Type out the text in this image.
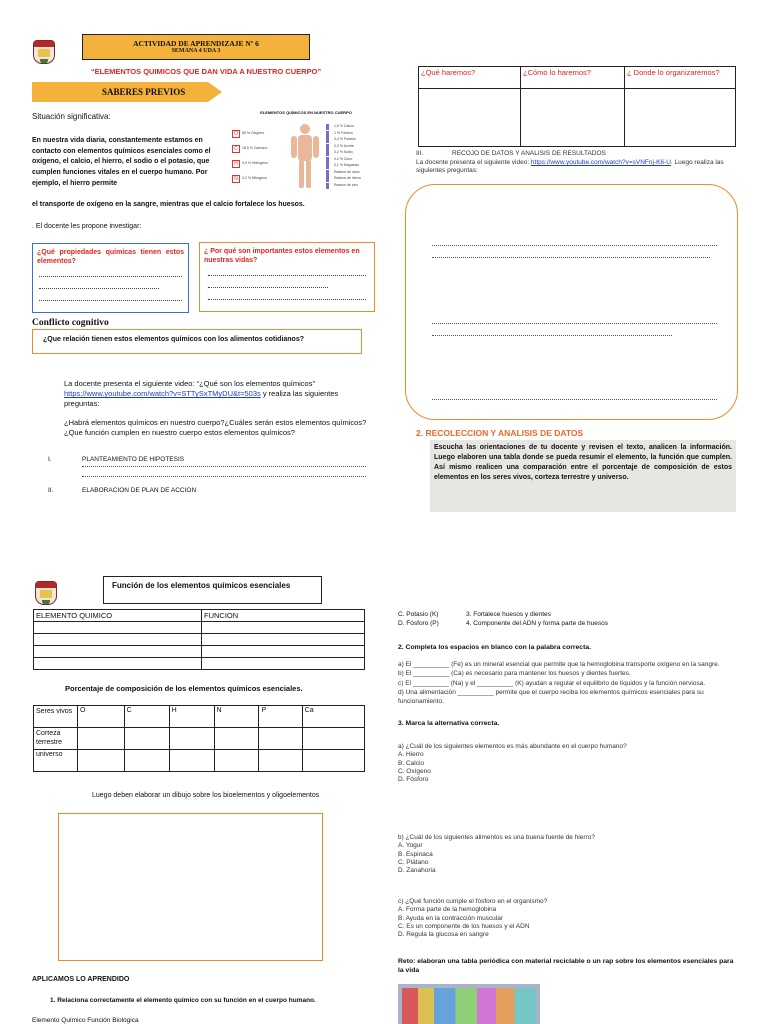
ACTIVIDAD DE APRENDIZAJE Nº 6
SEMANA 4 UDA 3
“ELEMENTOS QUIMICOS QUE DAN VIDA A NUESTRO CUERPO”
SABERES PREVIOS
Situación significativa:
En nuestra vida diaria, constantemente estamos en contacto con elementos químicos esenciales como el oxígeno, el calcio, el hierro, el sodio o el potasio, que cumplen funciones vitales en el cuerpo humano. Por ejemplo, el hierro permite
el transporte de oxígeno en la sangre, mientras que el calcio fortalece los huesos.
ELEMENTOS QUÍMICOS EN NUESTRO CUERPO
O	65 % Oxígeno
C	18,5 % Carbono
H	9,5 % Hidrógeno
N	3,2 % Nitrógeno
1,5 % Calcio
1 % Fósforo
0,4 % Potasio
0,3 % Azufre
0,2 % Sodio
0,2 % Cloro
0,1 % Magnesio
Rastros de otros
Rastros de hierro
Rastros de zinc
. El docente les propone investigar:
¿Qué propiedades químicas tienen estos elementos?
¿ Por qué son importantes estos elementos en nuestras vidas?
Conflicto cognitivo
¿Que relación tienen estos elementos químicos con los alimentos cotidianos?
La docente presenta el siguiente video: “¿Qué son los elementos químicos” https://www.youtube.com/watch?v=STTySxTMyDU&t=503s y realiza las siguientes preguntas:
¿Habrá elementos químicos en nuestro cuerpo?¿Cuáles serán estos elementos químicos? ¿Que función cumplen en nuestro cuerpo estos elementos químicos?
I.	PLANTEAMIENTO DE HIPOTESIS
II.	ELABORACION DE PLAN DE ACCION
¿Qué haremos?	¿Cómo lo haremos?	¿ Donde lo organizaremos?

III.	RECOJO DE DATOS Y ANALISIS DE RESULTADOS
La docente presenta el siguiente video: https://www.youtube.com/watch?v=sVNFnj-K6-U. Luego realiza las siguientes preguntas:
2. RECOLECCION Y ANALISIS DE DATOS
Escucha las orientaciones de tu docente y revisen el texto, analicen la información. Luego elaboren una tabla donde se pueda resumir el elemento, la función que cumplen. Así mismo realicen una comparación entre el porcentaje de composición de estos elementos en los seres vivos, corteza terrestre y universo.
Función de los elementos químicos esenciales
ELEMENTO QUIMICO	FUNCION

Porcentaje de composición de los elementos químicos esenciales.
Seres vivos	O	C	H	N	P	Ca
Corteza terrestre						
universo						
Luego deben elaborar un dibujo sobre los bioelementos y oligoelementos
APLICAMOS LO APRENDIDO
1. Relaciona correctamente el elemento químico con su función en el cuerpo humano.
Elemento Químico Función Biológica
C. Potasio (K)	3. Fortalece huesos y dientes
D. Fósforo (P)	4. Componente del ADN y forma parte de huesos
2. Completa los espacios en blanco con la palabra correcta.

a) El __________ (Fe) es un mineral esencial que permite que la hemoglobina transporte oxígeno en la sangre.

b) El __________ (Ca) es necesario para mantener los huesos y dientes fuertes.

c) El __________ (Na) y el __________ (K) ayudan a regular el equilibrio de líquidos y la función nerviosa.

d) Una alimentación __________ permite que el cuerpo reciba los elementos químicos esenciales para su funcionamiento.

3. Marca la alternativa correcta.
a) ¿Cuál de los siguientes elementos es más abundante en el cuerpo humano?
A. Hierro
B. Calcio
C. Oxígeno
D. Fósforo
b) ¿Cuál de los siguientes alimentos es una buena fuente de hierro?
A. Yogur
B. Espinaca
C. Plátano
D. Zanahoria
c) ¿Qué función cumple el fósforo en el organismo?
A. Forma parte de la hemoglobina
B. Ayuda en la contracción muscular
C. Es un componente de los huesos y el ADN
D. Regula la glucosa en sangre
Reto: elaboran una tabla periódica con material reciclable o un rap sobre los elementos esenciales para la vida
